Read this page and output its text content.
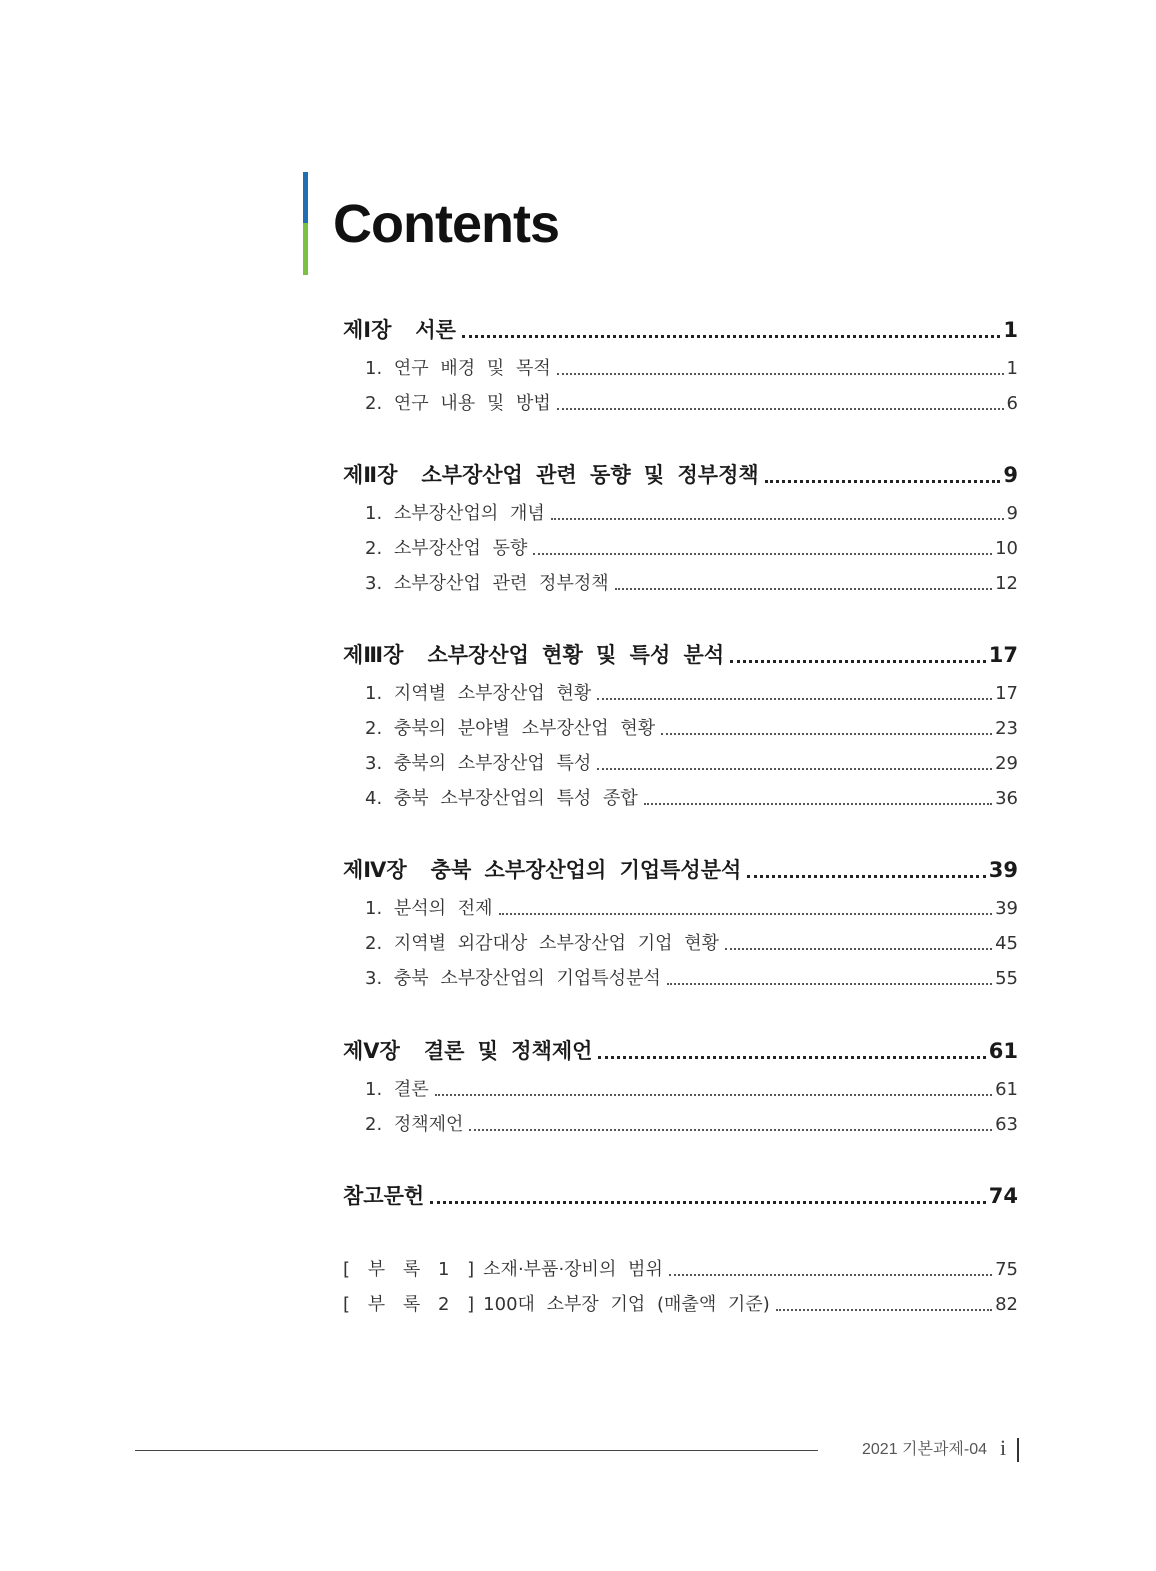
Contents
제Ⅰ장 서론	1
1. 연구 배경 및 목적	1
2. 연구 내용 및 방법	6
제Ⅱ장 소부장산업 관련 동향 및 정부정책	9
1. 소부장산업의 개념	9
2. 소부장산업 동향	10
3. 소부장산업 관련 정부정책	12
제Ⅲ장 소부장산업 현황 및 특성 분석	17
1. 지역별 소부장산업 현황	17
2. 충북의 분야별 소부장산업 현황	23
3. 충북의 소부장산업 특성	29
4. 충북 소부장산업의 특성 종합	36
제Ⅳ장 충북 소부장산업의 기업특성분석	39
1. 분석의 전제	39
2. 지역별 외감대상 소부장산업 기업 현황	45
3. 충북 소부장산업의 기업특성분석	55
제Ⅴ장 결론 및 정책제언	61
1. 결론	61
2. 정책제언	63
참고문헌	74
[ 부 록 1 ] 소재·부품·장비의 범위	75
[ 부 록 2 ] 100대 소부장 기업 (매출액 기준)	82
2021 기본과제-04 i
